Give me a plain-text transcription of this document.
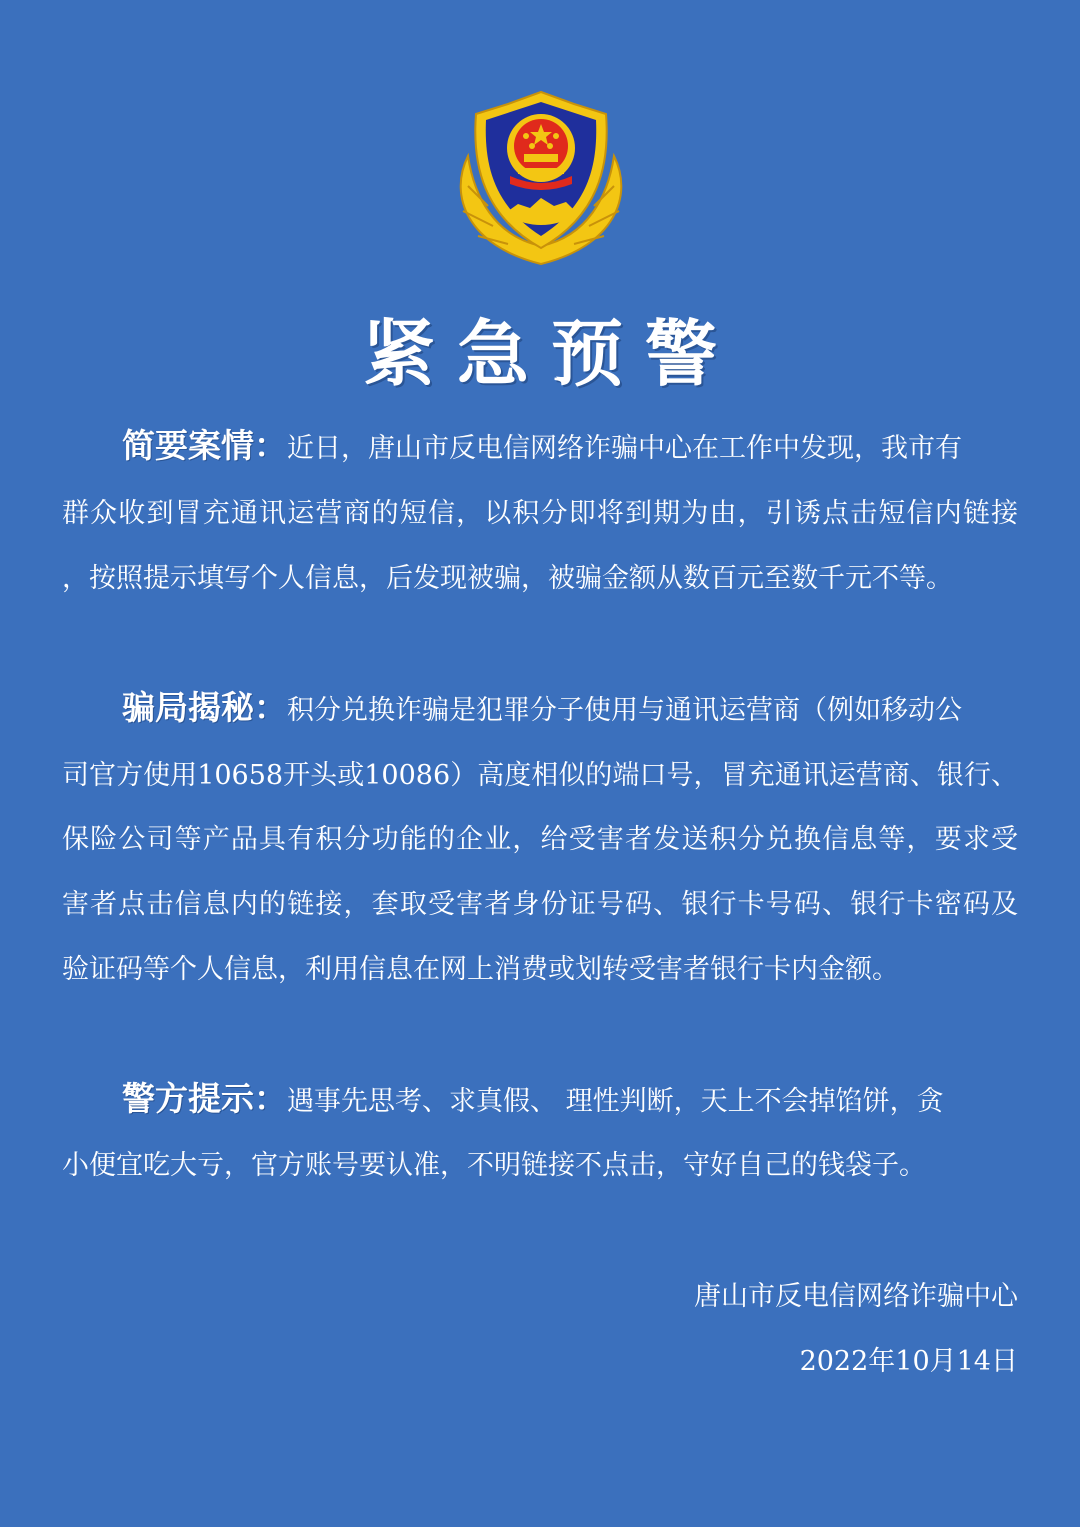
紧急预警
简要案情：近日，唐山市反电信网络诈骗中心在工作中发现，我市有
群众收到冒充通讯运营商的短信，以积分即将到期为由，引诱点击短信内链接
，按照提示填写个人信息，后发现被骗，被骗金额从数百元至数千元不等。
骗局揭秘：积分兑换诈骗是犯罪分子使用与通讯运营商（例如移动公
司官方使用10658开头或10086）高度相似的端口号，冒充通讯运营商、银行、
保险公司等产品具有积分功能的企业，给受害者发送积分兑换信息等，要求受
害者点击信息内的链接，套取受害者身份证号码、银行卡号码、银行卡密码及
验证码等个人信息，利用信息在网上消费或划转受害者银行卡内金额。
警方提示：遇事先思考、求真假、 理性判断，天上不会掉馅饼，贪
小便宜吃大亏，官方账号要认准，不明链接不点击，守好自己的钱袋子。
唐山市反电信网络诈骗中心
2022年10月14日
